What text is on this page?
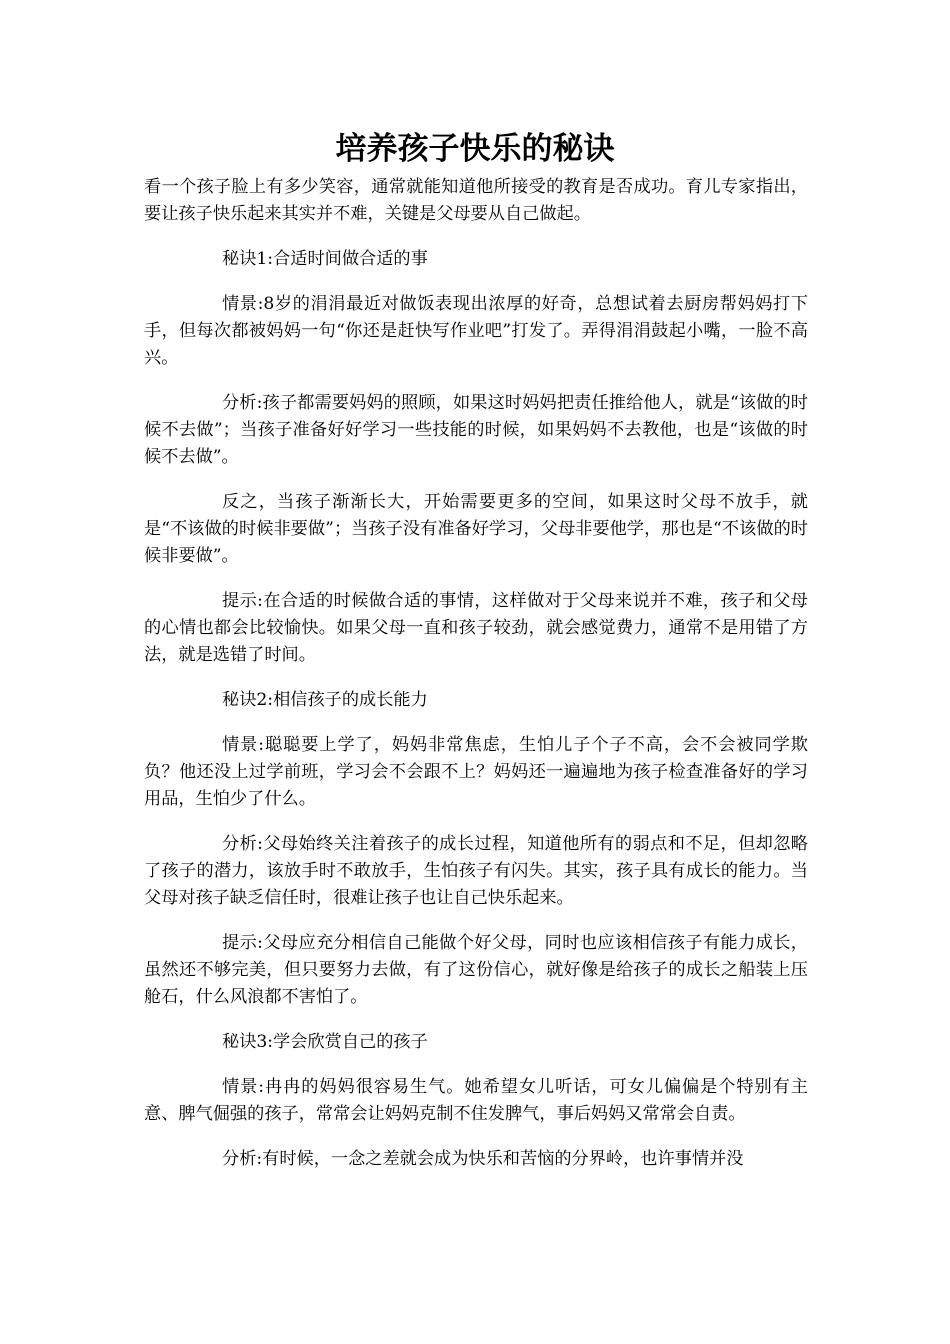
培养孩子快乐的秘诀

看一个孩子脸上有多少笑容，通常就能知道他所接受的教育是否成功。育儿专家指出，要让孩子快乐起来其实并不难，关键是父母要从自己做起。

秘诀1:合适时间做合适的事

情景:8岁的涓涓最近对做饭表现出浓厚的好奇，总想试着去厨房帮妈妈打下手，但每次都被妈妈一句“你还是赶快写作业吧”打发了。弄得涓涓鼓起小嘴，一脸不高兴。

分析:孩子都需要妈妈的照顾，如果这时妈妈把责任推给他人，就是“该做的时候不去做”；当孩子准备好好学习一些技能的时候，如果妈妈不去教他，也是“该做的时候不去做”。

反之，当孩子渐渐长大，开始需要更多的空间，如果这时父母不放手，就是“不该做的时候非要做”；当孩子没有准备好学习，父母非要他学，那也是“不该做的时候非要做”。

提示:在合适的时候做合适的事情，这样做对于父母来说并不难，孩子和父母的心情也都会比较愉快。如果父母一直和孩子较劲，就会感觉费力，通常不是用错了方法，就是选错了时间。

秘诀2:相信孩子的成长能力

情景:聪聪要上学了，妈妈非常焦虑，生怕儿子个子不高，会不会被同学欺负？他还没上过学前班，学习会不会跟不上？妈妈还一遍遍地为孩子检查准备好的学习用品，生怕少了什么。

分析:父母始终关注着孩子的成长过程，知道他所有的弱点和不足，但却忽略了孩子的潜力，该放手时不敢放手，生怕孩子有闪失。其实，孩子具有成长的能力。当父母对孩子缺乏信任时，很难让孩子也让自己快乐起来。

提示:父母应充分相信自己能做个好父母，同时也应该相信孩子有能力成长，虽然还不够完美，但只要努力去做，有了这份信心，就好像是给孩子的成长之船装上压舱石，什么风浪都不害怕了。

秘诀3:学会欣赏自己的孩子

情景:冉冉的妈妈很容易生气。她希望女儿听话，可女儿偏偏是个特别有主意、脾气倔强的孩子，常常会让妈妈克制不住发脾气，事后妈妈又常常会自责。

分析:有时候，一念之差就会成为快乐和苦恼的分界岭，也许事情并没
